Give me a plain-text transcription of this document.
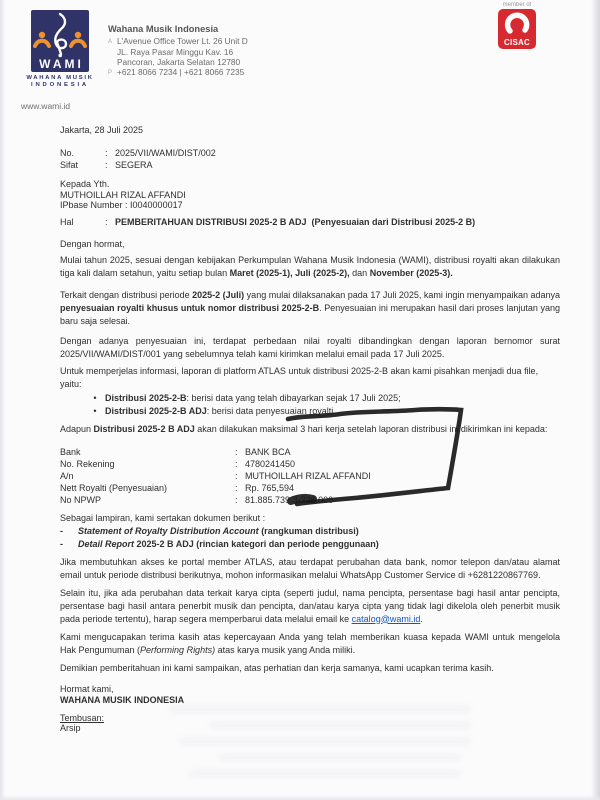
WAMI
WAHANA MUSIK
INDONESIA
www.wami.id
Wahana Musik Indonesia
A L'Avenue Office Tower Lt. 26 Unit D
JL. Raya Pasar Minggu Kav. 16
Pancoran, Jakarta Selatan 12780
P +621 8066 7234 | +621 8066 7235
member of
CISAC
Jakarta, 28 Juli 2025
No.	: 2025/VII/WAMI/DIST/002
Sifat	: SEGERA
Kepada Yth.
MUTHOILLAH RIZAL AFFANDI
IPbase Number : I0040000017
Hal	: PEMBERITAHUAN DISTRIBUSI 2025-2 B ADJ  (Penyesuaian dari Distribusi 2025-2 B)
Dengan hormat,
Mulai tahun 2025, sesuai dengan kebijakan Perkumpulan Wahana Musik Indonesia (WAMI), distribusi royalti akan dilakukan tiga kali dalam setahun, yaitu setiap bulan Maret (2025-1), Juli (2025-2), dan November (2025-3).
Terkait dengan distribusi periode 2025-2 (Juli) yang mulai dilaksanakan pada 17 Juli 2025, kami ingin menyampaikan adanya penyesuaian royalti khusus untuk nomor distribusi 2025-2-B. Penyesuaian ini merupakan hasil dari proses lanjutan yang baru saja selesai.
Dengan adanya penyesuaian ini, terdapat perbedaan nilai royalti dibandingkan dengan laporan bernomor surat 2025/VII/WAMI/DIST/001 yang sebelumnya telah kami kirimkan melalui email pada 17 Juli 2025.
Untuk memperjelas informasi, laporan di platform ATLAS untuk distribusi 2025-2-B akan kami pisahkan menjadi dua file, yaitu:
• Distribusi 2025-2-B: berisi data yang telah dibayarkan sejak 17 Juli 2025;
• Distribusi 2025-2-B ADJ: berisi data penyesuaian royalti.
Adapun Distribusi 2025-2 B ADJ akan dilakukan maksimal 3 hari kerja setelah laporan distribusi ini dikirimkan ini kepada:
Bank	: BANK BCA
No. Rekening	: 4780241450
A/n	: MUTHOILLAH RIZAL AFFANDI
Nett Royalti (Penyesuaian)	: Rp. 765,594
No NPWP	: 81.885.739.3-326.000
Sebagai lampiran, kami sertakan dokumen berikut :
-	Statement of Royalty Distribution Account (rangkuman distribusi)
-	Detail Report 2025-2 B ADJ (rincian kategori dan periode penggunaan)
Jika membutuhkan akses ke portal member ATLAS, atau terdapat perubahan data bank, nomor telepon dan/atau alamat email untuk periode distribusi berikutnya, mohon informasikan melalui WhatsApp Customer Service di +6281220867769.
Selain itu, jika ada perubahan data terkait karya cipta (seperti judul, nama pencipta, persentase bagi hasil antar pencipta, persentase bagi hasil antara penerbit musik dan pencipta, dan/atau karya cipta yang tidak lagi dikelola oleh penerbit musik pada periode tertentu), harap segera memperbarui data melalui email ke catalog@wami.id.
Kami mengucapakan terima kasih atas kepercayaan Anda yang telah memberikan kuasa kepada WAMI untuk mengelola Hak Pengumuman (Performing Rights) atas karya musik yang Anda miliki.
Demikian pemberitahuan ini kami sampaikan, atas perhatian dan kerja samanya, kami ucapkan terima kasih.
Hormat kami,
WAHANA MUSIK INDONESIA
Tembusan:
Arsip
